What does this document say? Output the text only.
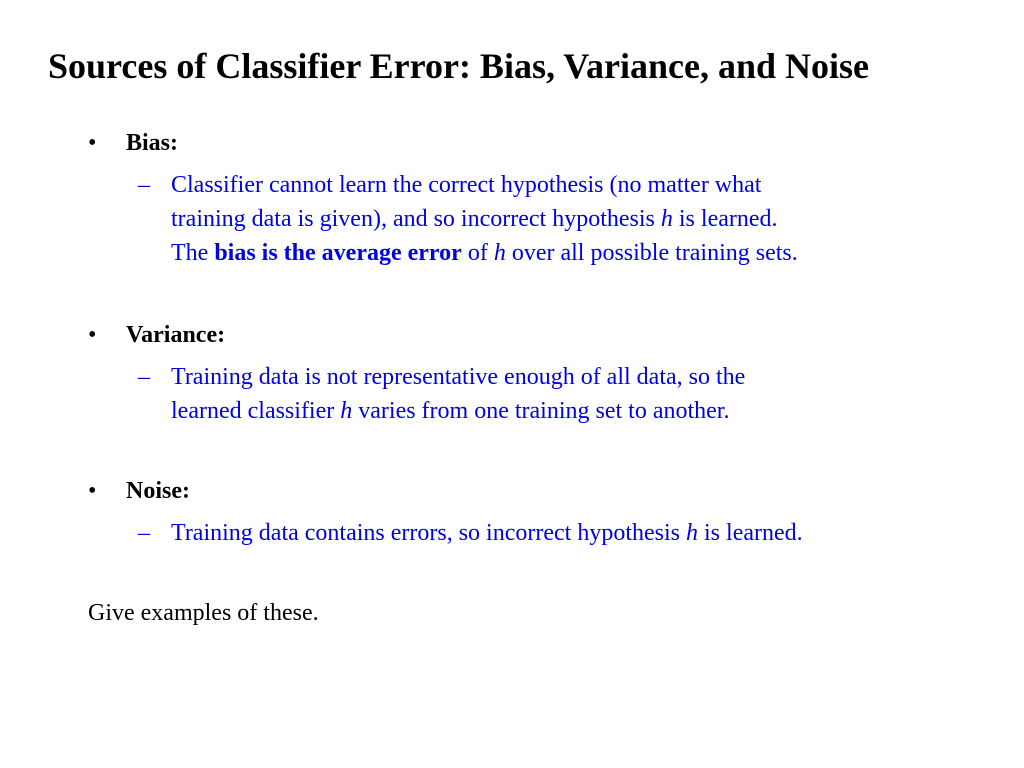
Sources of Classifier Error: Bias, Variance, and Noise
•	Bias:
– Classifier cannot learn the correct hypothesis (no matter what
training data is given), and so incorrect hypothesis h is learned.
The bias is the average error of h over all possible training sets.
•	Variance:
– Training data is not representative enough of all data, so the
learned classifier h varies from one training set to another.
•	Noise:
– Training data contains errors, so incorrect hypothesis h is learned.
Give examples of these.
